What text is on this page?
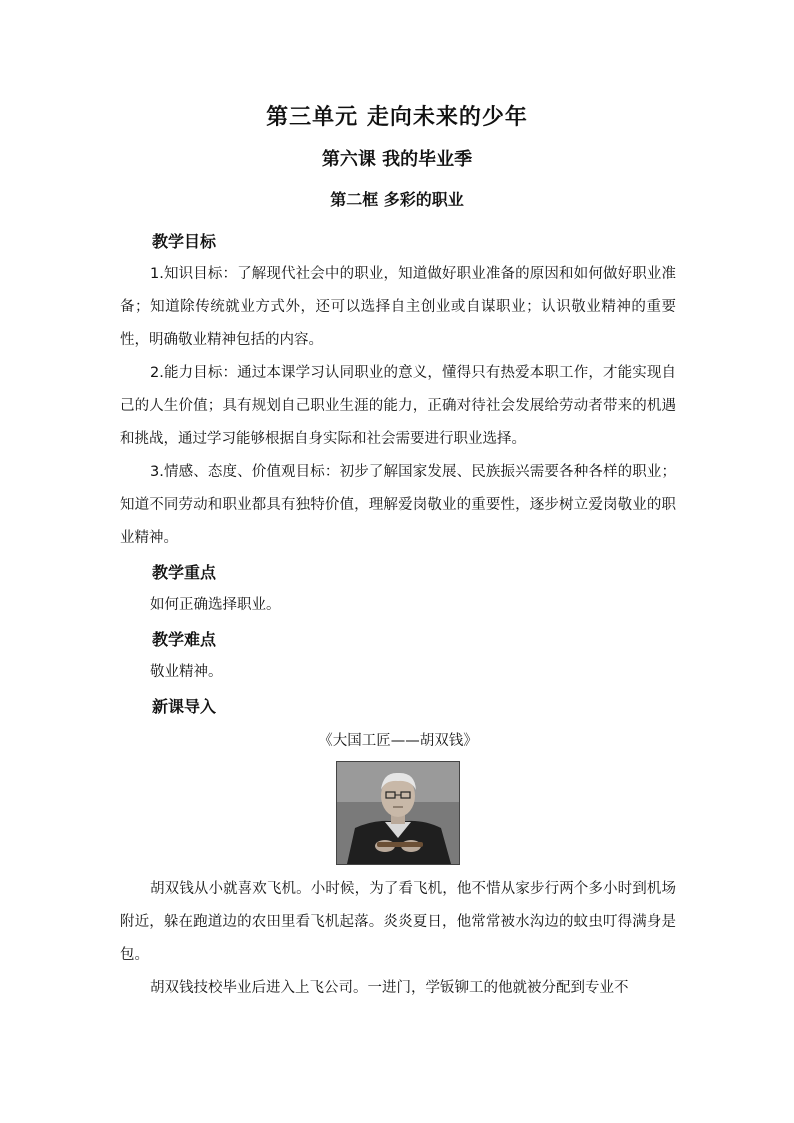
第三单元 走向未来的少年
第六课 我的毕业季
第二框 多彩的职业

教学目标

1.知识目标：了解现代社会中的职业，知道做好职业准备的原因和如何做好职业准备；知道除传统就业方式外，还可以选择自主创业或自谋职业；认识敬业精神的重要性，明确敬业精神包括的内容。

2.能力目标：通过本课学习认同职业的意义，懂得只有热爱本职工作，才能实现自己的人生价值；具有规划自己职业生涯的能力，正确对待社会发展给劳动者带来的机遇和挑战，通过学习能够根据自身实际和社会需要进行职业选择。

3.情感、态度、价值观目标：初步了解国家发展、民族振兴需要各种各样的职业；知道不同劳动和职业都具有独特价值，理解爱岗敬业的重要性，逐步树立爱岗敬业的职业精神。

教学重点

如何正确选择职业。

教学难点

敬业精神。

新课导入

《大国工匠——胡双钱》

胡双钱从小就喜欢飞机。小时候，为了看飞机，他不惜从家步行两个多小时到机场附近，躲在跑道边的农田里看飞机起落。炎炎夏日，他常常被水沟边的蚊虫叮得满身是包。

胡双钱技校毕业后进入上飞公司。一进门，学钣铆工的他就被分配到专业不
